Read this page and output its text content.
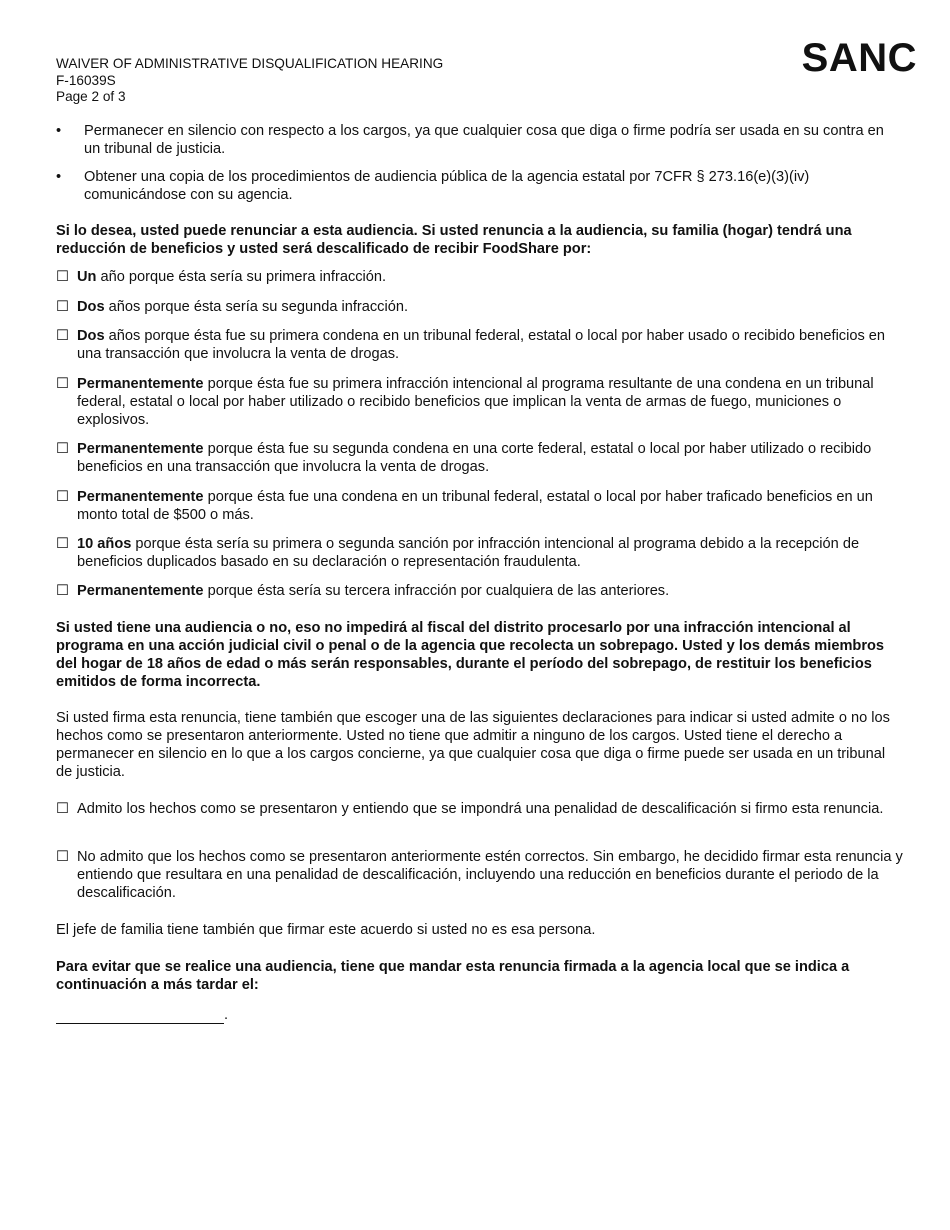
WAIVER OF ADMINISTRATIVE DISQUALIFICATION HEARING
F-16039S
Page 2 of 3
SANC
• Permanecer en silencio con respecto a los cargos, ya que cualquier cosa que diga o firme podría ser usada en su contra en un tribunal de justicia.
• Obtener una copia de los procedimientos de audiencia pública de la agencia estatal por 7CFR § 273.16(e)(3)(iv) comunicándose con su agencia.

Si lo desea, usted puede renunciar a esta audiencia. Si usted renuncia a la audiencia, su familia (hogar) tendrá una reducción de beneficios y usted será descalificado de recibir FoodShare por:

☐ Un año porque ésta sería su primera infracción.

☐ Dos años porque ésta sería su segunda infracción.

☐ Dos años porque ésta fue su primera condena en un tribunal federal, estatal o local por haber usado o recibido beneficios en una transacción que involucra la venta de drogas.

☐ Permanentemente porque ésta fue su primera infracción intencional al programa resultante de una condena en un tribunal federal, estatal o local por haber utilizado o recibido beneficios que implican la venta de armas de fuego, municiones o explosivos.

☐ Permanentemente porque ésta fue su segunda condena en una corte federal, estatal o local por haber utilizado o recibido beneficios en una transacción que involucra la venta de drogas.

☐ Permanentemente porque ésta fue una condena en un tribunal federal, estatal o local por haber traficado beneficios en un monto total de $500 o más.

☐ 10 años porque ésta sería su primera o segunda sanción por infracción intencional al programa debido a la recepción de beneficios duplicados basado en su declaración o representación fraudulenta.

☐ Permanentemente porque ésta sería su tercera infracción por cualquiera de las anteriores.

Si usted tiene una audiencia o no, eso no impedirá al fiscal del distrito procesarlo por una infracción intencional al programa en una acción judicial civil o penal o de la agencia que recolecta un sobrepago. Usted y los demás miembros del hogar de 18 años de edad o más serán responsables, durante el período del sobrepago, de restituir los beneficios emitidos de forma incorrecta.

Si usted firma esta renuncia, tiene también que escoger una de las siguientes declaraciones para indicar si usted admite o no los hechos como se presentaron anteriormente. Usted no tiene que admitir a ninguno de los cargos. Usted tiene el derecho a permanecer en silencio en lo que a los cargos concierne, ya que cualquier cosa que diga o firme puede ser usada en un tribunal de justicia.

☐ Admito los hechos como se presentaron y entiendo que se impondrá una penalidad de descalificación si firmo esta renuncia.

☐ No admito que los hechos como se presentaron anteriormente estén correctos. Sin embargo, he decidido firmar esta renuncia y entiendo que resultara en una penalidad de descalificación, incluyendo una reducción en beneficios durante el periodo de la descalificación.

El jefe de familia tiene también que firmar este acuerdo si usted no es esa persona.

Para evitar que se realice una audiencia, tiene que mandar esta renuncia firmada a la agencia local que se indica a continuación a más tardar el:

.
